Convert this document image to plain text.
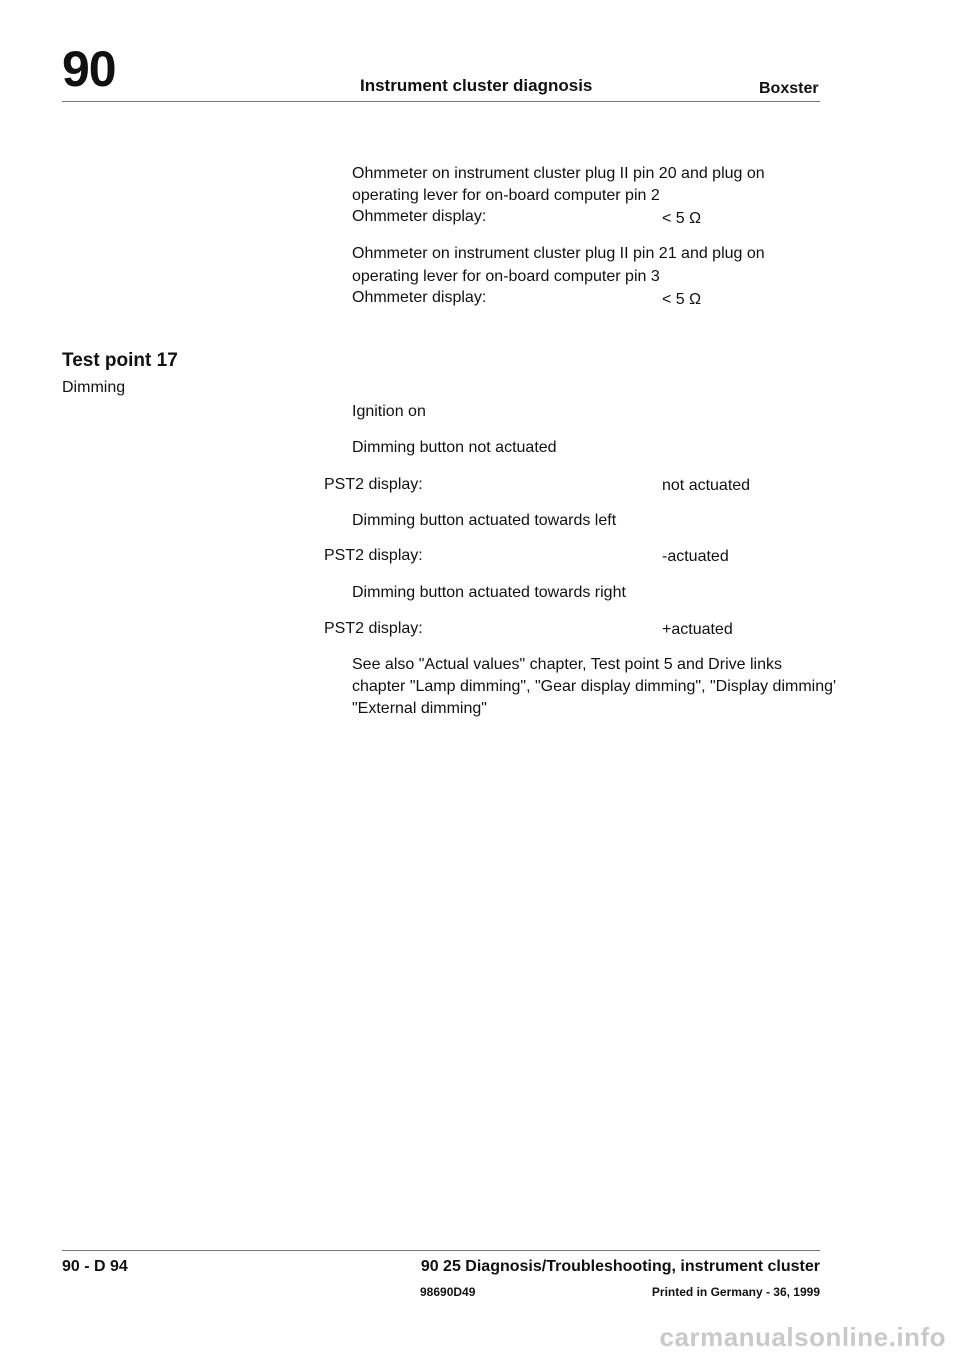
90	Instrument cluster diagnosis	Boxster
Ohmmeter on instrument cluster plug II pin 20 and plug on
operating lever for on-board computer pin 2
Ohmmeter display:	< 5 Ω
Ohmmeter on instrument cluster plug II pin 21 and plug on
operating lever for on-board computer pin 3
Ohmmeter display:	< 5 Ω
Test point 17
Dimming
Ignition on
Dimming button not actuated
PST2 display:	not actuated
Dimming button actuated towards left
PST2 display:	-actuated
Dimming button actuated towards right
PST2 display:	+actuated
See also "Actual values" chapter, Test point 5 and Drive links
chapter "Lamp dimming", "Gear display dimming", "Display dimming'
"External dimming"
90 - D 94	90 25 Diagnosis/Troubleshooting, instrument cluster
98690D49	Printed in Germany - 36, 1999
carmanualsonline.info
